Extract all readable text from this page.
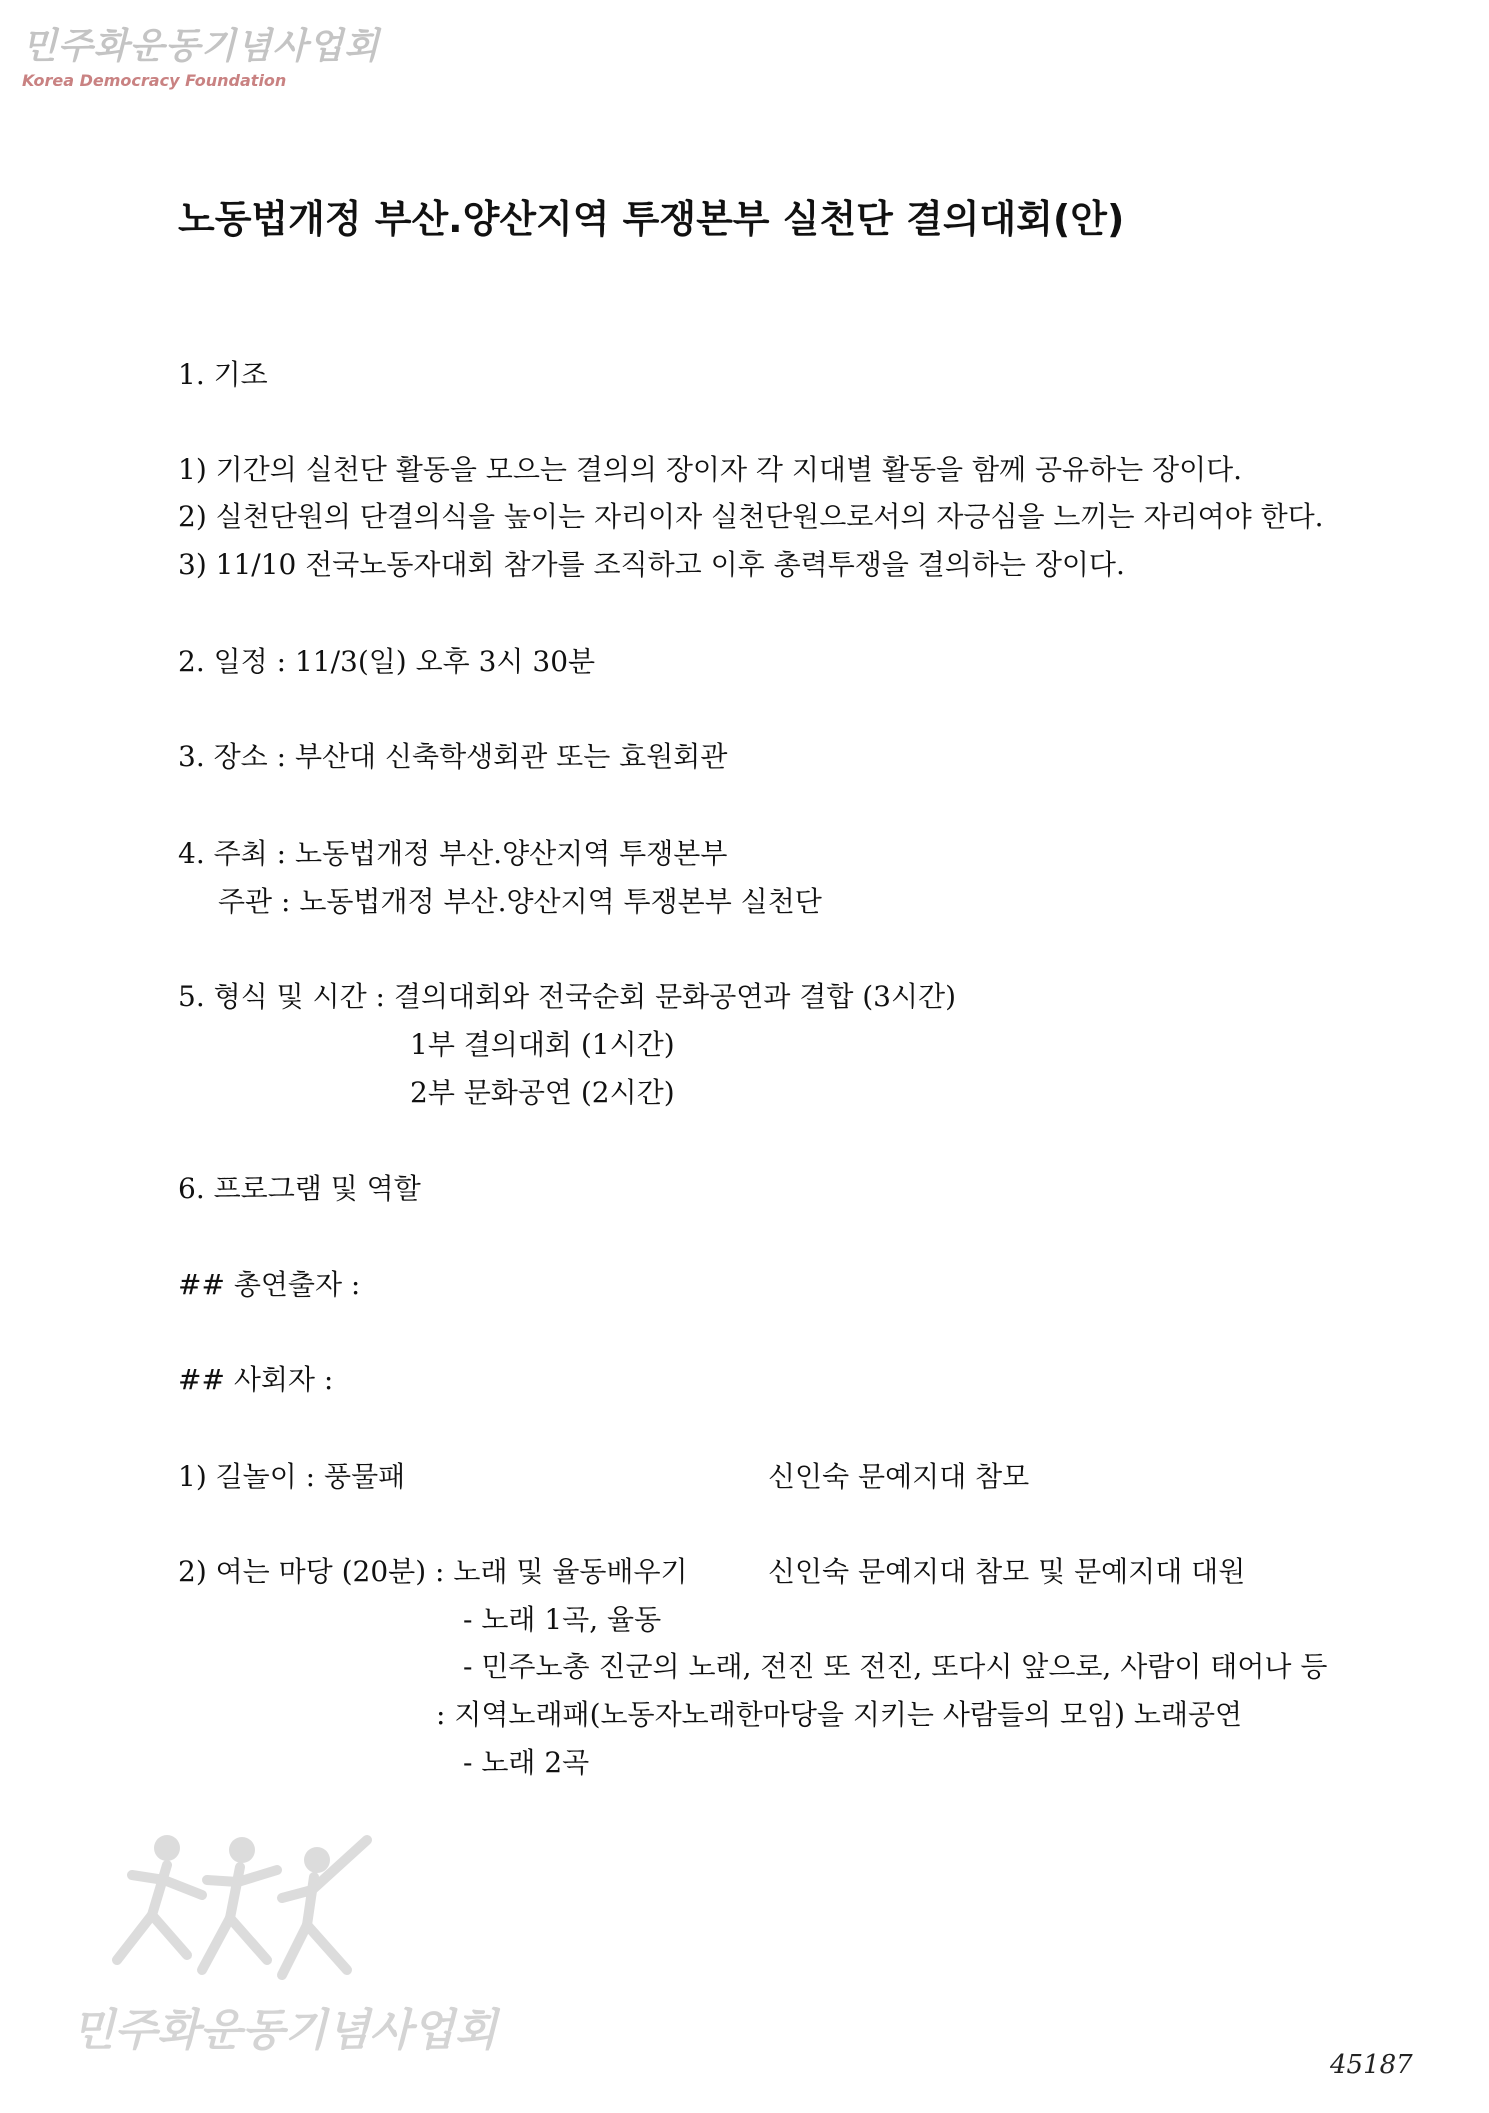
민주화운동기념사업회
Korea Democracy Foundation
노동법개정 부산.양산지역 투쟁본부 실천단 결의대회(안)
1. 기조
1) 기간의 실천단 활동을 모으는 결의의 장이자 각 지대별 활동을 함께 공유하는 장이다.
2) 실천단원의 단결의식을 높이는 자리이자 실천단원으로서의 자긍심을 느끼는 자리여야 한다.
3) 11/10 전국노동자대회 참가를 조직하고 이후 총력투쟁을 결의하는 장이다.
2. 일정 : 11/3(일) 오후 3시 30분
3. 장소 : 부산대 신축학생회관 또는 효원회관
4. 주최 : 노동법개정 부산.양산지역 투쟁본부
주관 : 노동법개정 부산.양산지역 투쟁본부 실천단
5. 형식 및 시간 : 결의대회와 전국순회 문화공연과 결합 (3시간)
1부 결의대회 (1시간)
2부 문화공연 (2시간)
6. 프로그램 및 역할
## 총연출자 :
## 사회자 :
1) 길놀이 : 풍물패	신인숙 문예지대 참모
2) 여는 마당 (20분) : 노래 및 율동배우기	신인숙 문예지대 참모 및 문예지대 대원
- 노래 1곡, 율동
- 민주노총 진군의 노래, 전진 또 전진, 또다시 앞으로, 사람이 태어나 등
: 지역노래패(노동자노래한마당을 지키는 사람들의 모임) 노래공연
- 노래 2곡
민주화운동기념사업회
45187
